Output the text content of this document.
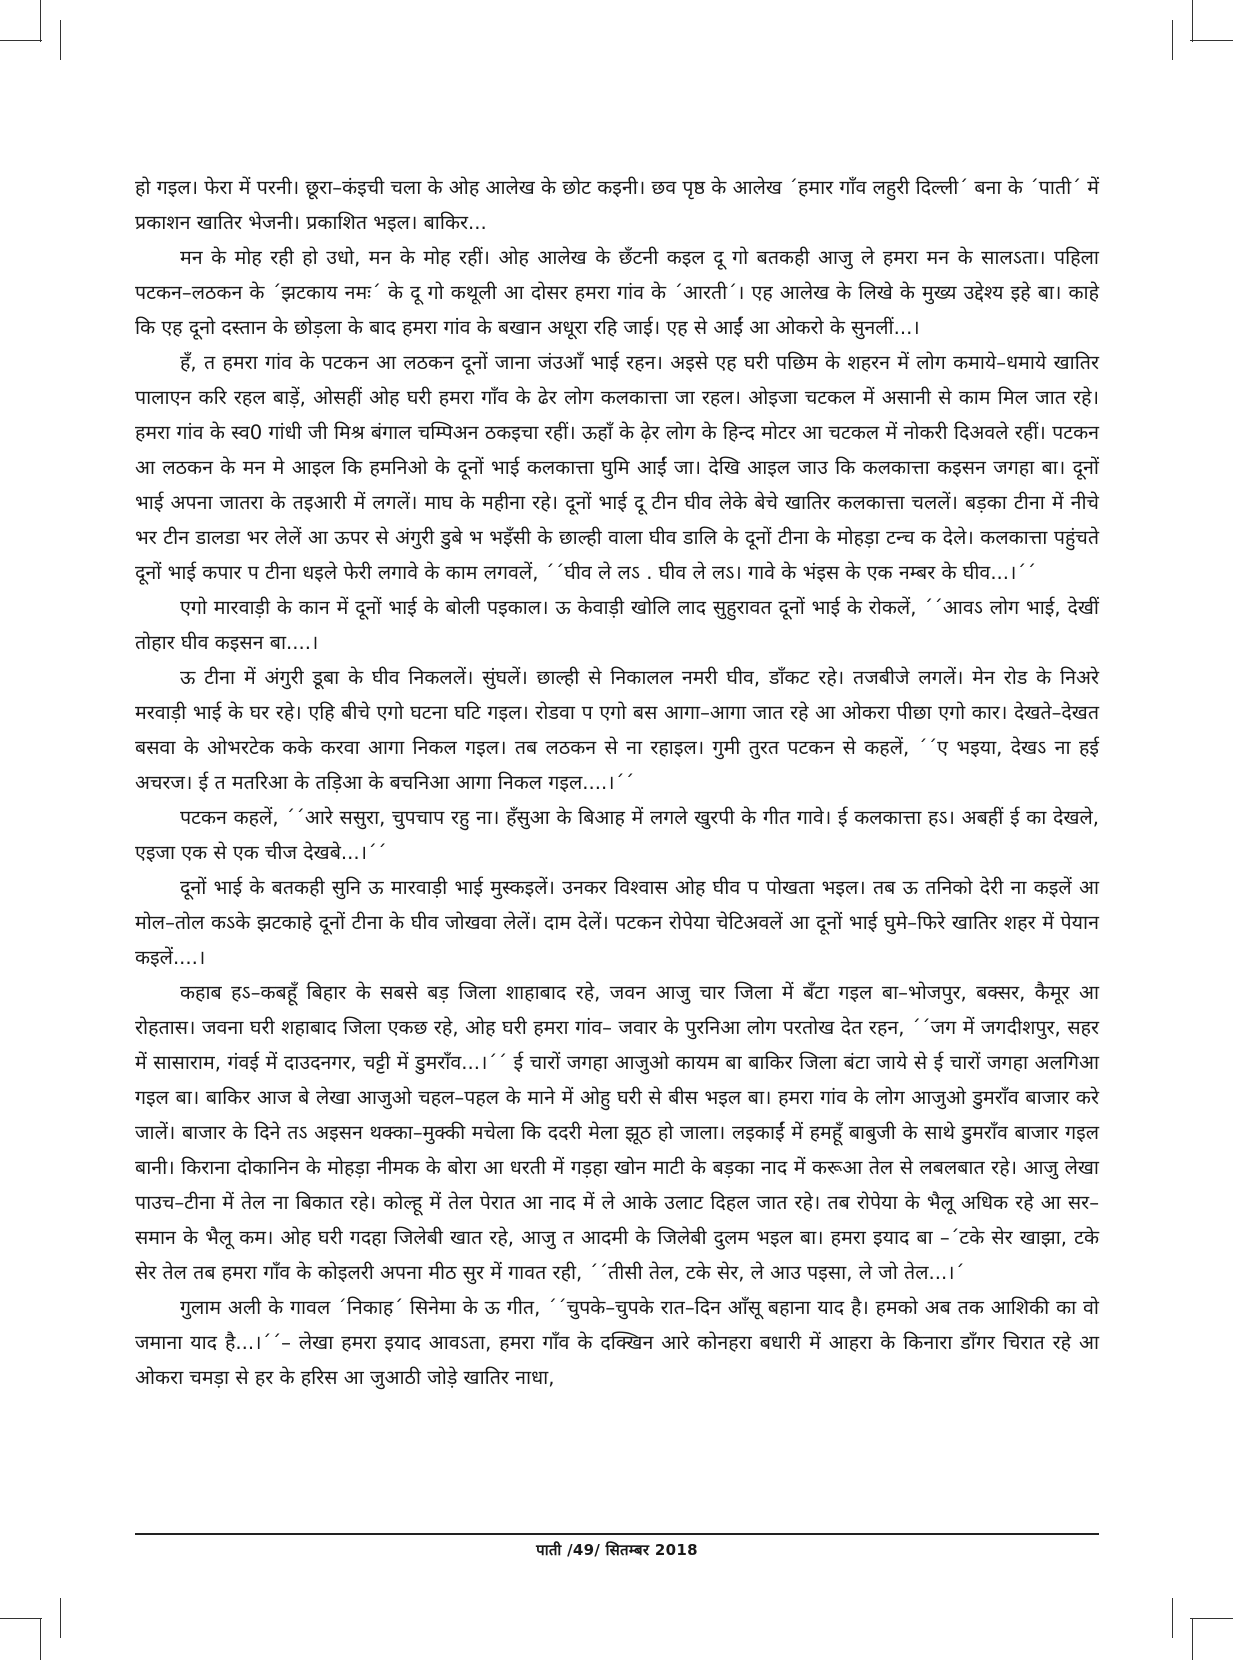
हो गइल। फेरा में परनी। छूरा–कंइची चला के ओह आलेख के छोट कइनी। छव पृष्ठ के आलेख ´हमार गाँव लहुरी दिल्ली´ बना के ´पाती´ में प्रकाशन खातिर भेजनी। प्रकाशित भइल। बाकिर...

मन के मोह रही हो उधो, मन के मोह रहीं। ओह आलेख के छँटनी कइल दू गो बतकही आजु ले हमरा मन के सालऽता। पहिला पटकन–लठकन के ´झटकाय नमः´ के दू गो कथूली आ दोसर हमरा गांव के ´आरती´। एह आलेख के लिखे के मुख्य उद्देश्य इहे बा। काहे कि एह दूनो दस्तान के छोड़ला के बाद हमरा गांव के बखान अधूरा रहि जाई। एह से आईं आ ओकरो के सुनलीं...।

हँ, त हमरा गांव के पटकन आ लठकन दूनों जाना जंउआँ भाई रहन। अइसे एह घरी पछिम के शहरन में लोग कमाये–धमाये खातिर पालाएन करि रहल बाड़ें, ओसहीं ओह घरी हमरा गाँव के ढेर लोग कलकात्ता जा रहल। ओइजा चटकल में असानी से काम मिल जात रहे। हमरा गांव के स्व0 गांधी जी मिश्र बंगाल चम्पिअन ठकइचा रहीं। ऊहाँ के ढ़ेर लोग के हिन्द मोटर आ चटकल में नोकरी दिअवले रहीं। पटकन आ लठकन के मन मे आइल कि हमनिओ के दूनों भाई कलकात्ता घुमि आईं जा। देखि आइल जाउ कि कलकात्ता कइसन जगहा बा। दूनों भाई अपना जातरा के तइआरी में लगलें। माघ के महीना रहे। दूनों भाई दू टीन घीव लेके बेचे खातिर कलकात्ता चललें। बड़का टीना में नीचे भर टीन डालडा भर लेलें आ ऊपर से अंगुरी डुबे भ भइँसी के छाल्ही वाला घीव डालि के दूनों टीना के मोहड़ा टन्च क देले। कलकात्ता पहुंचते दूनों भाई कपार प टीना धइले फेरी लगावे के काम लगवलें, ´´घीव ले लऽ . घीव ले लऽ। गावे के भंइस के एक नम्बर के घीव...।´´

एगो मारवाड़ी के कान में दूनों भाई के बोली पइकाल। ऊ केवाड़ी खोलि लाद सुहुरावत दूनों भाई के रोकलें, ´´आवऽ लोग भाई, देखीं तोहार घीव कइसन बा....।

ऊ टीना में अंगुरी डूबा के घीव निकललें। सुंघलें। छाल्ही से निकालल नमरी घीव, डाँकट रहे। तजबीजे लगलें। मेन रोड के निअरे मरवाड़ी भाई के घर रहे। एहि बीचे एगो घटना घटि गइल। रोडवा प एगो बस आगा–आगा जात रहे आ ओकरा पीछा एगो कार। देखते–देखत बसवा के ओभरटेक कके करवा आगा निकल गइल। तब लठकन से ना रहाइल। गुमी तुरत पटकन से कहलें, ´´ए भइया, देखऽ ना हई अचरज। ई त मतरिआ के तड़िआ के बचनिआ आगा निकल गइल....।´´

पटकन कहलें, ´´आरे ससुरा, चुपचाप रहु ना। हँसुआ के बिआह में लगले खुरपी के गीत गावे। ई कलकात्ता हऽ। अबहीं ई का देखले, एइजा एक से एक चीज देखबे...।´´

दूनों भाई के बतकही सुनि ऊ मारवाड़ी भाई मुस्कइलें। उनकर विश्वास ओह घीव प पोखता भइल। तब ऊ तनिको देरी ना कइलें आ मोल–तोल कऽके झटकाहे दूनों टीना के घीव जोखवा लेलें। दाम देलें। पटकन रोपेया चेटिअवलें आ दूनों भाई घुमे–फिरे खातिर शहर में पेयान कइलें....।

कहाब हऽ–कबहूँ बिहार के सबसे बड़ जिला शाहाबाद रहे, जवन आजु चार जिला में बँटा गइल बा–भोजपुर, बक्सर, कैमूर आ रोहतास। जवना घरी शहाबाद जिला एकछ रहे, ओह घरी हमरा गांव– जवार के पुरनिआ लोग परतोख देत रहन, ´´जग में जगदीशपुर, सहर में सासाराम, गंवई में दाउदनगर, चट्टी में डुमराँव...।´´ ई चारों जगहा आजुओ कायम बा बाकिर जिला बंटा जाये से ई चारों जगहा अलगिआ गइल बा। बाकिर आज बे लेखा आजुओ चहल–पहल के माने में ओहु घरी से बीस भइल बा। हमरा गांव के लोग आजुओ डुमराँव बाजार करे जालें। बाजार के दिने तऽ अइसन थक्का–मुक्की मचेला कि ददरी मेला झूठ हो जाला। लइकाईं में हमहूँ बाबुजी के साथे डुमराँव बाजार गइल बानी। किराना दोकानिन के मोहड़ा नीमक के बोरा आ धरती में गड़हा खोन माटी के बड़का नाद में करूआ तेल से लबलबात रहे। आजु लेखा पाउच–टीना में तेल ना बिकात रहे। कोल्हू में तेल पेरात आ नाद में ले आके उलाट दिहल जात रहे। तब रोपेया के भैलू अधिक रहे आ सर–समान के भैलू कम। ओह घरी गदहा जिलेबी खात रहे, आजु त आदमी के जिलेबी दुलम भइल बा। हमरा इयाद बा –´टके सेर खाझा, टके सेर तेल तब हमरा गाँव के कोइलरी अपना मीठ सुर में गावत रही, ´´तीसी तेल, टके सेर, ले आउ पइसा, ले जो तेल...।´

गुलाम अली के गावल ´निकाह´ सिनेमा के ऊ गीत, ´´चुपके–चुपके रात–दिन आँसू बहाना याद है। हमको अब तक आशिकी का वो जमाना याद है...।´´– लेखा हमरा इयाद आवऽता, हमरा गाँव के दक्खिन आरे कोनहरा बधारी में आहरा के किनारा डाँगर चिरात रहे आ ओकरा चमड़ा से हर के हरिस आ जुआठी जोड़े खातिर नाधा,

पाती /49/ सितम्बर 2018
